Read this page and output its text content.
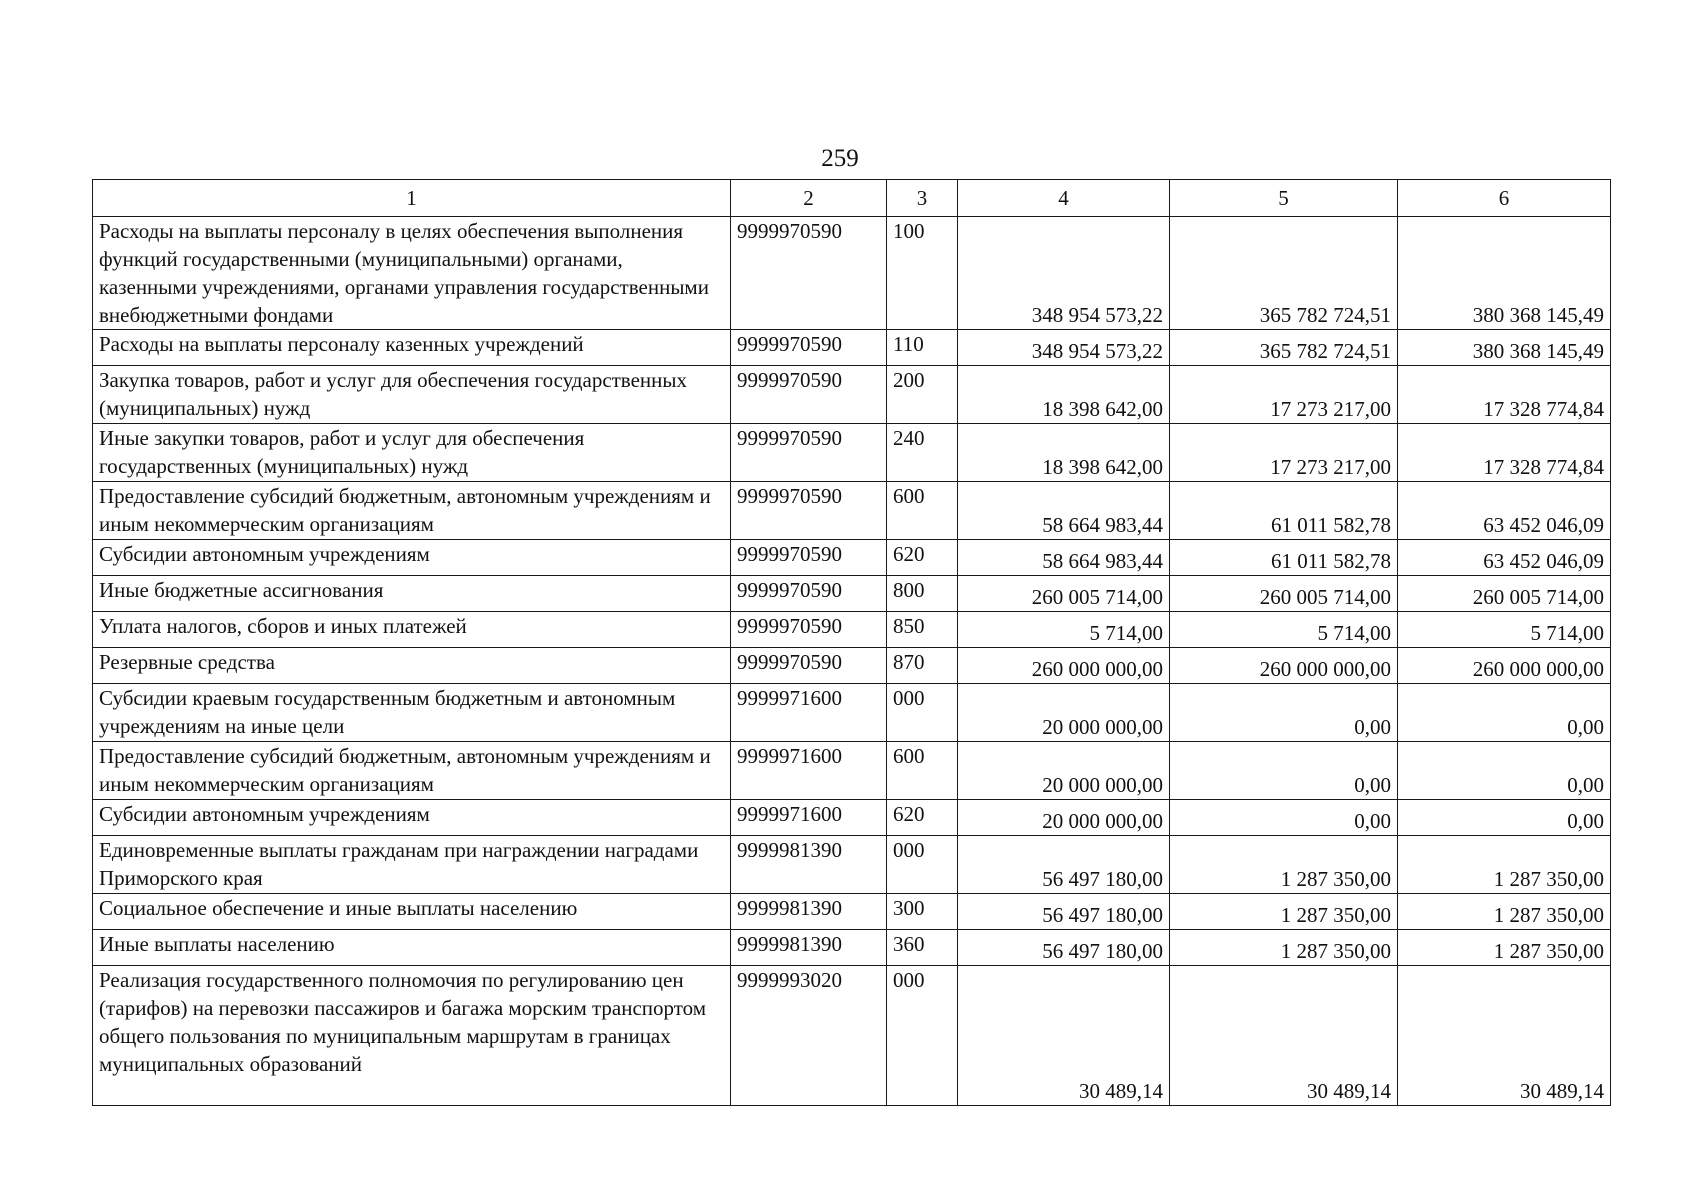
259
1	2	3	4	5	6
Расходы на выплаты персоналу в целях обеспечения выполнения функций государственными (муниципальными) органами, казенными учреждениями, органами управления государственными внебюджетными фондами	9999970590	100	348 954 573,22	365 782 724,51	380 368 145,49
Расходы на выплаты персоналу казенных учреждений	9999970590	110	348 954 573,22	365 782 724,51	380 368 145,49
Закупка товаров, работ и услуг для обеспечения государственных (муниципальных) нужд	9999970590	200	18 398 642,00	17 273 217,00	17 328 774,84
Иные закупки товаров, работ и услуг для обеспечения государственных (муниципальных) нужд	9999970590	240	18 398 642,00	17 273 217,00	17 328 774,84
Предоставление субсидий бюджетным, автономным учреждениям и иным некоммерческим организациям	9999970590	600	58 664 983,44	61 011 582,78	63 452 046,09
Субсидии автономным учреждениям	9999970590	620	58 664 983,44	61 011 582,78	63 452 046,09
Иные бюджетные ассигнования	9999970590	800	260 005 714,00	260 005 714,00	260 005 714,00
Уплата налогов, сборов и иных платежей	9999970590	850	5 714,00	5 714,00	5 714,00
Резервные средства	9999970590	870	260 000 000,00	260 000 000,00	260 000 000,00
Субсидии краевым государственным бюджетным и автономным учреждениям на иные цели	9999971600	000	20 000 000,00	0,00	0,00
Предоставление субсидий бюджетным, автономным учреждениям и иным некоммерческим организациям	9999971600	600	20 000 000,00	0,00	0,00
Субсидии автономным учреждениям	9999971600	620	20 000 000,00	0,00	0,00
Единовременные выплаты гражданам при награждении наградами Приморского края	9999981390	000	56 497 180,00	1 287 350,00	1 287 350,00
Социальное обеспечение и иные выплаты населению	9999981390	300	56 497 180,00	1 287 350,00	1 287 350,00
Иные выплаты населению	9999981390	360	56 497 180,00	1 287 350,00	1 287 350,00
Реализация государственного полномочия по регулированию цен (тарифов) на перевозки пассажиров и багажа морским транспортом общего пользования по муниципальным маршрутам в границах муниципальных образований	9999993020	000	30 489,14	30 489,14	30 489,14
